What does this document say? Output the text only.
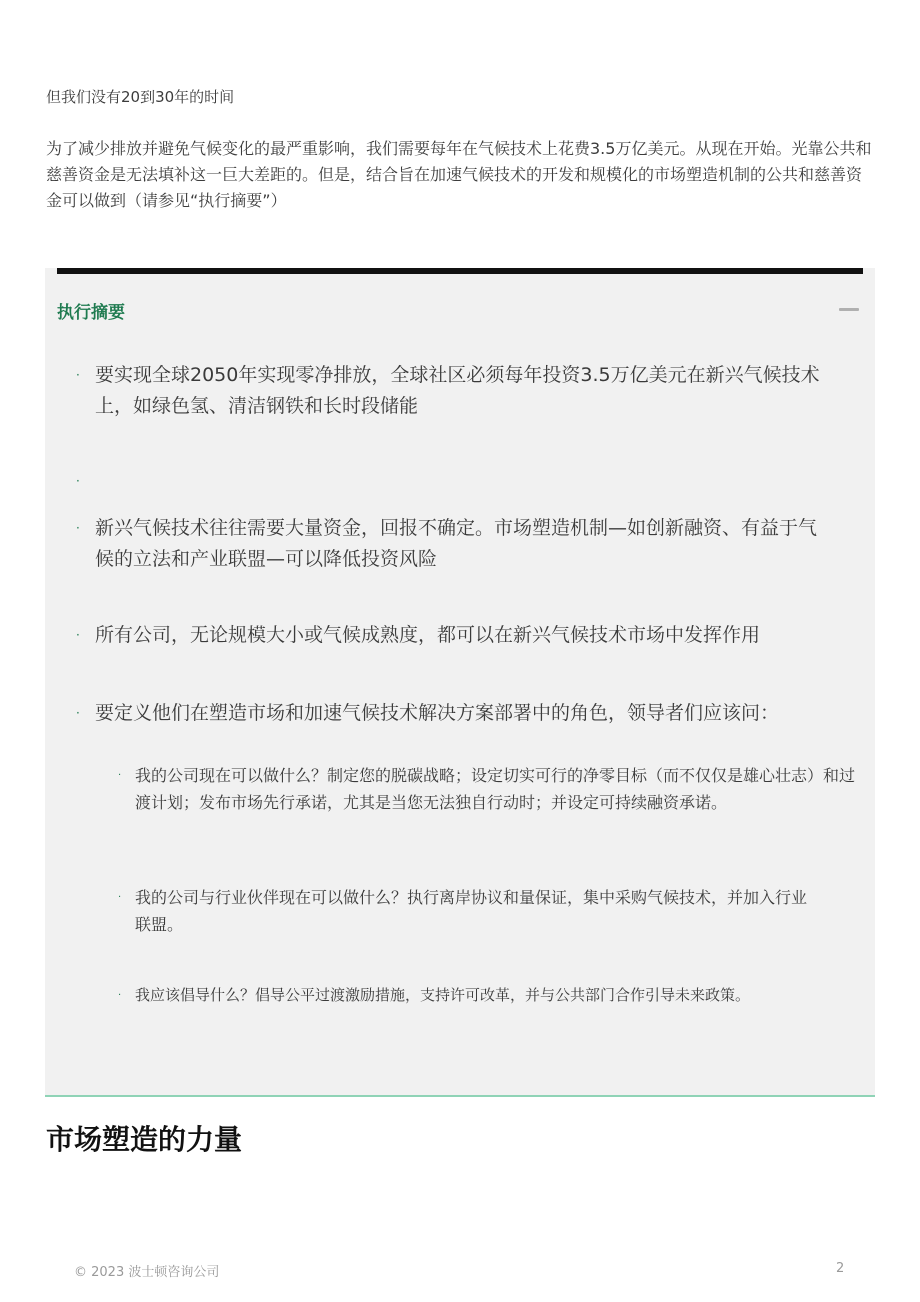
但我们没有20到30年的时间

为了减少排放并避免气候变化的最严重影响，我们需要每年在气候技术上花费3.5万亿美元。从现在开始。光靠公共和慈善资金是无法填补这一巨大差距的。但是，结合旨在加速气候技术的开发和规模化的市场塑造机制的公共和慈善资金可以做到（请参见“执行摘要”）

执行摘要
· 要实现全球2050年实现零净排放，全球社区必须每年投资3.5万亿美元在新兴气候技术上，如绿色氢、清洁钢铁和长时段储能
·
· 新兴气候技术往往需要大量资金，回报不确定。市场塑造机制—如创新融资、有益于气候的立法和产业联盟—可以降低投资风险
· 所有公司，无论规模大小或气候成熟度，都可以在新兴气候技术市场中发挥作用
· 要定义他们在塑造市场和加速气候技术解决方案部署中的角色，领导者们应该问：
· 我的公司现在可以做什么？制定您的脱碳战略；设定切实可行的净零目标（而不仅仅是雄心壮志）和过渡计划；发布市场先行承诺，尤其是当您无法独自行动时；并设定可持续融资承诺。
· 我的公司与行业伙伴现在可以做什么？执行离岸协议和量保证，集中采购气候技术，并加入行业联盟。
· 我应该倡导什么？倡导公平过渡激励措施，支持许可改革，并与公共部门合作引导未来政策。
市场塑造的力量
© 2023 波士顿咨询公司	2
